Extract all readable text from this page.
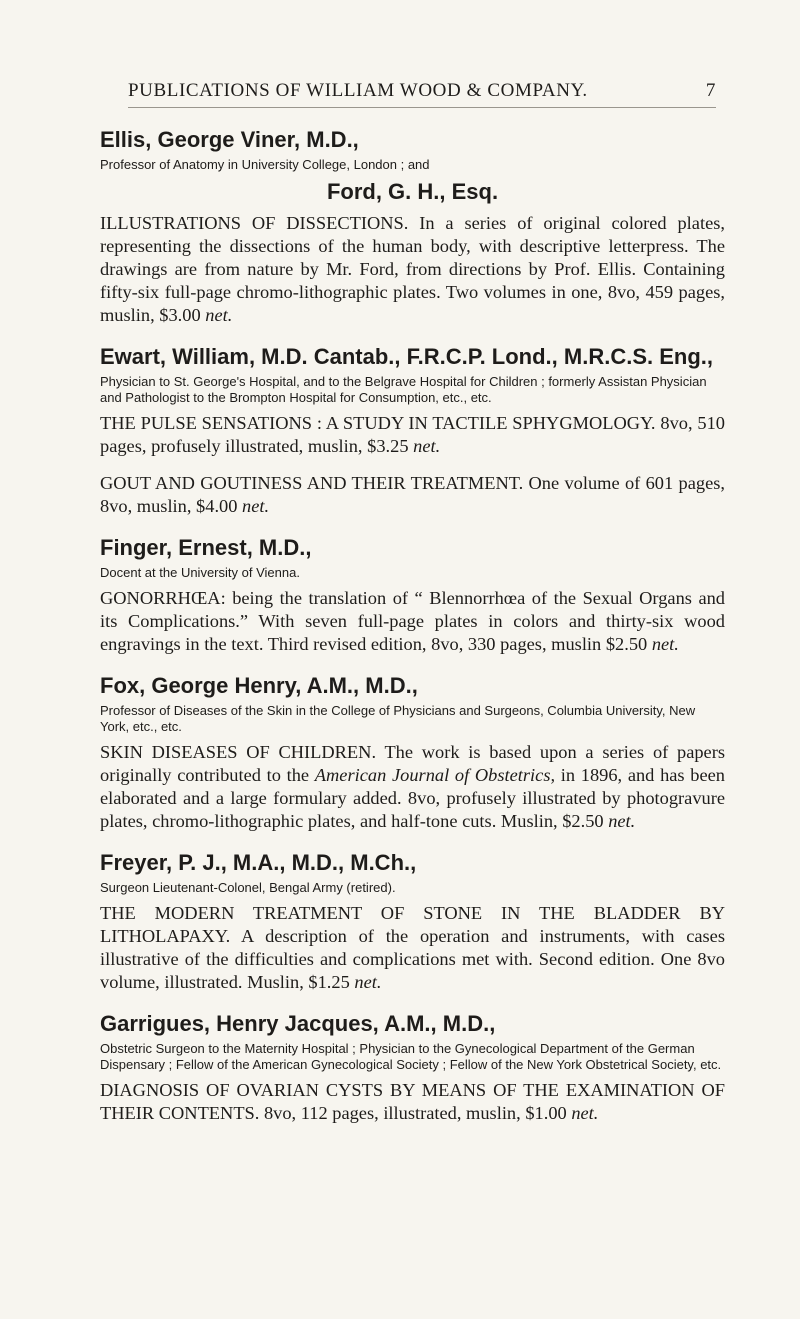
PUBLICATIONS OF WILLIAM WOOD & COMPANY.	7

Ellis, George Viner, M.D.,

Professor of Anatomy in University College, London ; and

Ford, G. H., Esq.

ILLUSTRATIONS OF DISSECTIONS. In a series of original colored plates, representing the dissections of the human body, with descriptive letterpress. The drawings are from nature by Mr. Ford, from directions by Prof. Ellis. Containing fifty-six full-page chromo-lithographic plates. Two volumes in one, 8vo, 459 pages, muslin, $3.00 net.

Ewart, William, M.D. Cantab., F.R.C.P. Lond., M.R.C.S. Eng.,

Physician to St. George's Hospital, and to the Belgrave Hospital for Children ; formerly Assistan Physician and Pathologist to the Brompton Hospital for Consumption, etc., etc.

THE PULSE SENSATIONS : A STUDY IN TACTILE SPHYGMOLOGY. 8vo, 510 pages, profusely illustrated, muslin, $3.25 net.

GOUT AND GOUTINESS AND THEIR TREATMENT. One volume of 601 pages, 8vo, muslin, $4.00 net.

Finger, Ernest, M.D.,

Docent at the University of Vienna.

GONORRHŒA: being the translation of “ Blennorrhœa of the Sexual Organs and its Complications.” With seven full-page plates in colors and thirty-six wood engravings in the text. Third revised edition, 8vo, 330 pages, muslin $2.50 net.

Fox, George Henry, A.M., M.D.,

Professor of Diseases of the Skin in the College of Physicians and Surgeons, Columbia University, New York, etc., etc.

SKIN DISEASES OF CHILDREN. The work is based upon a series of papers originally contributed to the American Journal of Obstetrics, in 1896, and has been elaborated and a large formulary added. 8vo, profusely illustrated by photogravure plates, chromo-lithographic plates, and half-tone cuts. Muslin, $2.50 net.

Freyer, P. J., M.A., M.D., M.Ch.,

Surgeon Lieutenant-Colonel, Bengal Army (retired).

THE MODERN TREATMENT OF STONE IN THE BLADDER BY LITHOLAPAXY. A description of the operation and instruments, with cases illustrative of the difficulties and complications met with. Second edition. One 8vo volume, illustrated. Muslin, $1.25 net.

Garrigues, Henry Jacques, A.M., M.D.,

Obstetric Surgeon to the Maternity Hospital ; Physician to the Gynecological Department of the German Dispensary ; Fellow of the American Gynecological Society ; Fellow of the New York Obstetrical Society, etc.

DIAGNOSIS OF OVARIAN CYSTS BY MEANS OF THE EXAMINATION OF THEIR CONTENTS. 8vo, 112 pages, illustrated, muslin, $1.00 net.
